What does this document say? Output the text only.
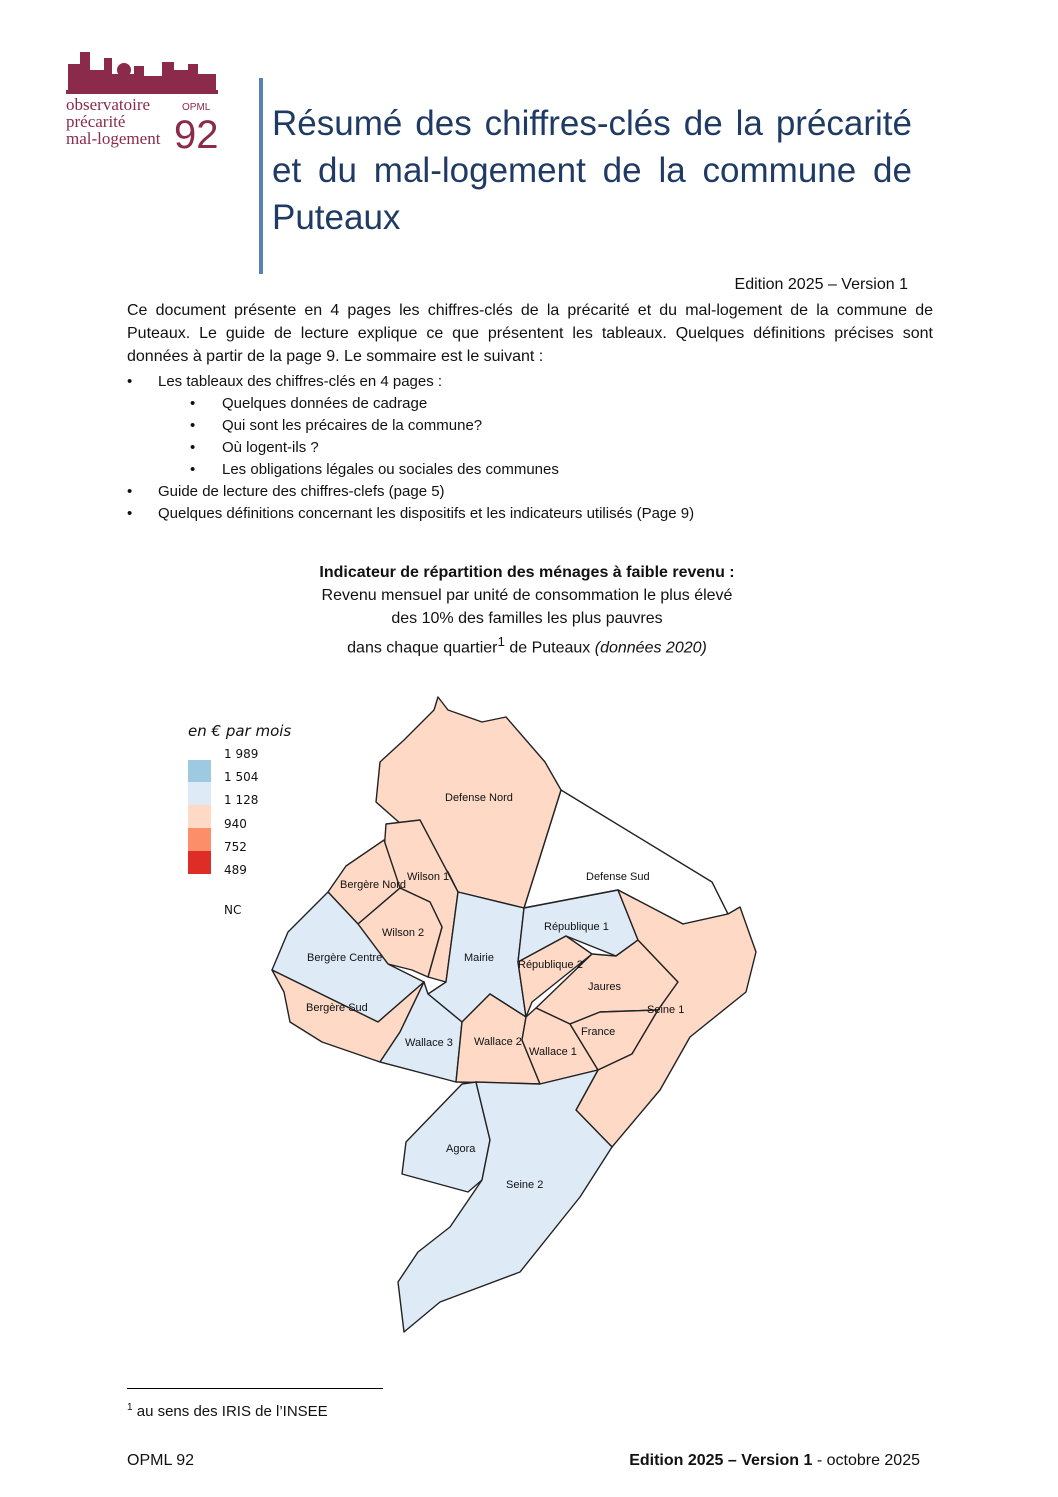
observatoire
précarité
mal-logement
OPML
92 Résumé des chiffres-clés de la précarité et du mal-logement de la commune de Puteaux
Edition 2025 – Version 1

Ce document présente en 4 pages les chiffres-clés de la précarité et du mal-logement de la commune de Puteaux. Le guide de lecture explique ce que présentent les tableaux. Quelques définitions précises sont données à partir de la page 9. Le sommaire est le suivant :

• Les tableaux des chiffres-clés en 4 pages :
• Quelques données de cadrage
• Qui sont les précaires de la commune?
• Où logent-ils ?
• Les obligations légales ou sociales des communes
• Guide de lecture des chiffres-clefs (page 5)
• Quelques définitions concernant les dispositifs et les indicateurs utilisés (Page 9)
Indicateur de répartition des ménages à faible revenu :
Revenu mensuel par unité de consommation le plus élevé
des 10% des familles les plus pauvres
dans chaque quartier$^1$ de Puteaux (données 2020)
Defense Nord
Defense Sud
Bergère Nord
Wilson 1
Wilson 2
Bergère Centre
Bergère Sud
Mairie
République 1
République 2
Jaures
Seine 1
France
Wallace 3 Wallace 2
Wallace 1
Agora
Seine 2
en € par mois
1 989
1 504
1 128
940
752
489
NC
$^1$ au sens des IRIS de l’INSEE
OPML 92	Edition 2025 – Version 1 - octobre 2025
